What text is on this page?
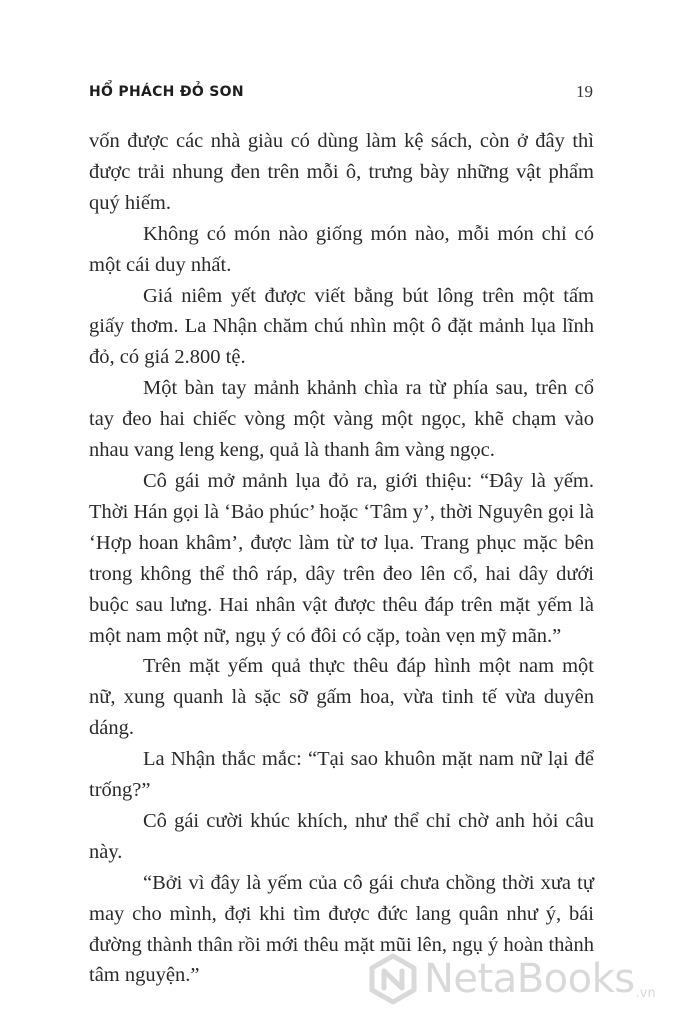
HỔ PHÁCH ĐỎ SON	19

vốn được các nhà giàu có dùng làm kệ sách, còn ở đây thì được trải nhung đen trên mỗi ô, trưng bày những vật phẩm quý hiếm.

Không có món nào giống món nào, mỗi món chỉ có một cái duy nhất.

Giá niêm yết được viết bằng bút lông trên một tấm giấy thơm. La Nhận chăm chú nhìn một ô đặt mảnh lụa lĩnh đỏ, có giá 2.800 tệ.

Một bàn tay mảnh khảnh chìa ra từ phía sau, trên cổ tay đeo hai chiếc vòng một vàng một ngọc, khẽ chạm vào nhau vang leng keng, quả là thanh âm vàng ngọc.

Cô gái mở mảnh lụa đỏ ra, giới thiệu: “Đây là yếm. Thời Hán gọi là ‘Bảo phúc’ hoặc ‘Tâm y’, thời Nguyên gọi là ‘Hợp hoan khâm’, được làm từ tơ lụa. Trang phục mặc bên trong không thể thô ráp, dây trên đeo lên cổ, hai dây dưới buộc sau lưng. Hai nhân vật được thêu đáp trên mặt yếm là một nam một nữ, ngụ ý có đôi có cặp, toàn vẹn mỹ mãn.”

Trên mặt yếm quả thực thêu đáp hình một nam một nữ, xung quanh là sặc sỡ gấm hoa, vừa tinh tế vừa duyên dáng.

La Nhận thắc mắc: “Tại sao khuôn mặt nam nữ lại để trống?”

Cô gái cười khúc khích, như thể chỉ chờ anh hỏi câu này.

“Bởi vì đây là yếm của cô gái chưa chồng thời xưa tự may cho mình, đợi khi tìm được đức lang quân như ý, bái đường thành thân rồi mới thêu mặt mũi lên, ngụ ý hoàn thành tâm nguyện.”	NetaBooks .vn
